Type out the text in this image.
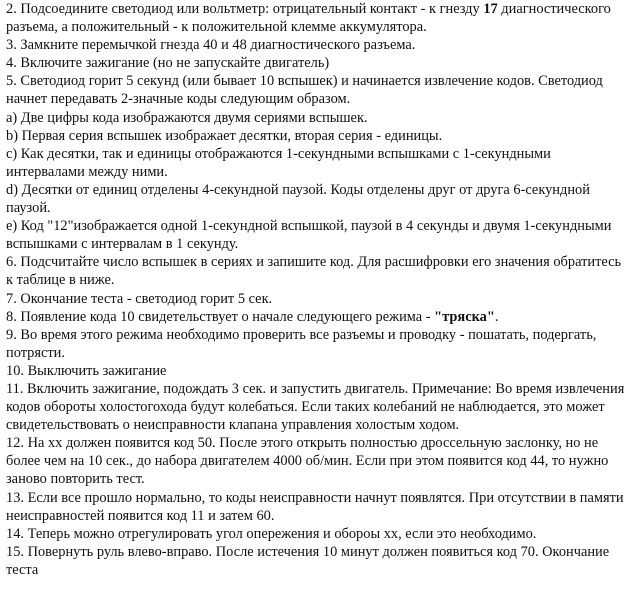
2. Подсоедините светодиод или вольтметр: отрицательный контакт - к гнезду 17 диагностического разъема, а положительный - к положительной клемме аккумулятора.

3. Замкните перемычкой гнезда 40 и 48 диагностического разъема.

4. Включите зажигание (но не запускайте двигатель)

5. Светодиод горит 5 секунд (или бывает 10 вспышек) и начинается извлечение кодов. Светодиод начнет передавать 2-значные коды следующим образом.

a) Две цифры кода изображаются двумя сериями вспышек.

b) Первая серия вспышек изображает десятки, вторая серия - единицы.

c) Как десятки, так и единицы отображаются 1-секундными вспышками с 1-секундными интервалами между ними.

d) Десятки от единиц отделены 4-секундной паузой. Коды отделены друг от друга 6-секундной паузой.

e) Код "12"изображается одной 1-секундной вспышкой, паузой в 4 секунды и двумя 1-секундными вспышками с интервалам в 1 секунду.

6. Подсчитайте число вспышек в сериях и запишите код. Для расшифровки его значения обратитесь к таблице в ниже.

7. Окончание теста - светодиод горит 5 сек.

8. Появление кода 10 свидетельствует о начале следующего режима - "тряска".

9. Во время этого режима необходимо проверить все разъемы и проводку - пошатать, подергать, потрясти.

10. Выключить зажигание

11. Включить зажигание, подождать 3 сек. и запустить двигатель. Примечание: Во время извлечения кодов обороты холостогохода будут колебаться. Если таких колебаний не наблюдается, это может свидетельствовать о неисправности клапана управления холостым ходом.

12. На хх должен появится код 50. После этого открыть полностью дроссельную заслонку, но не более чем на 10 сек., до набора двигателем 4000 об/мин. Если при этом появится код 44, то нужно заново повторить тест.

13. Если все прошло нормально, то коды неисправности начнут появлятся. При отсутствии в памяти неисправностей появится код 11 и затем 60.

14. Теперь можно отрегулировать угол опережения и обороы хх, если это необходимо.

15. Повернуть руль влево-вправо. После истечения 10 минут должен появиться код 70. Окончание теста
